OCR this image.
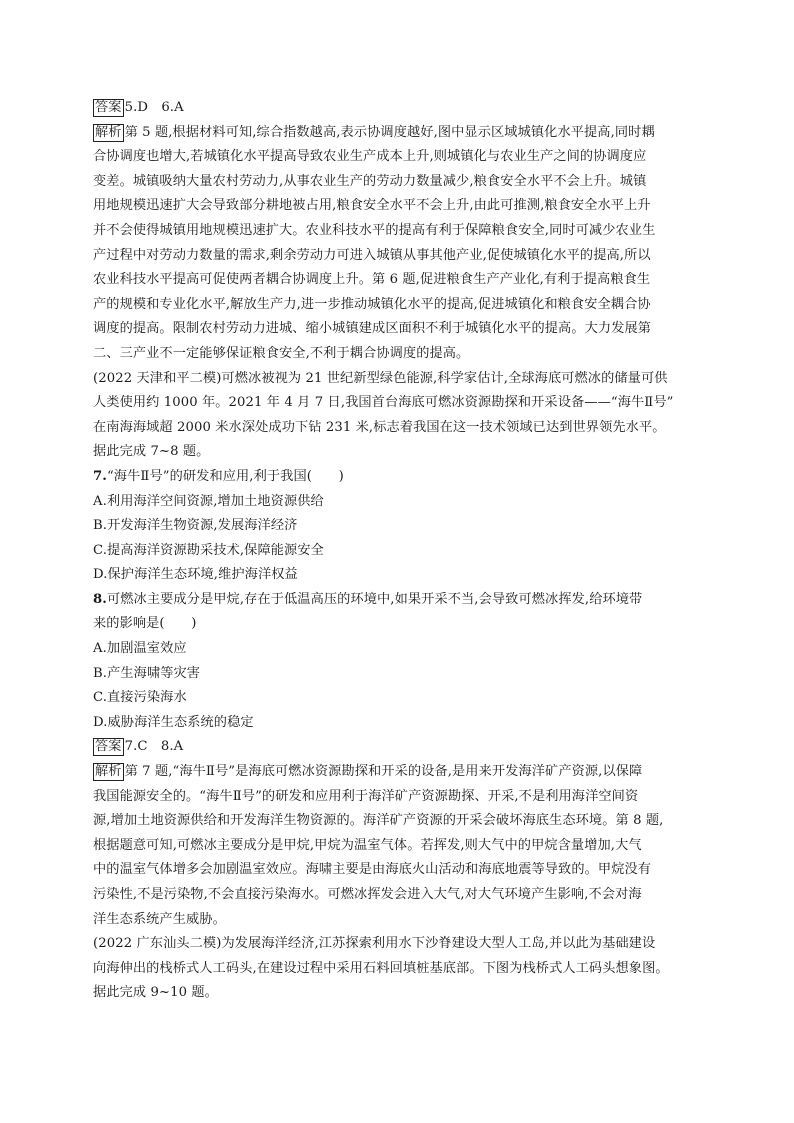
答案 5.D　6.A
解析 第 5 题,根据材料可知,综合指数越高,表示协调度越好,图中显示区域城镇化水平提高,同时耦
合协调度也增大,若城镇化水平提高导致农业生产成本上升,则城镇化与农业生产之间的协调度应
变差。城镇吸纳大量农村劳动力,从事农业生产的劳动力数量减少,粮食安全水平不会上升。城镇
用地规模迅速扩大会导致部分耕地被占用,粮食安全水平不会上升,由此可推测,粮食安全水平上升
并不会使得城镇用地规模迅速扩大。农业科技水平的提高有利于保障粮食安全,同时可减少农业生
产过程中对劳动力数量的需求,剩余劳动力可进入城镇从事其他产业,促使城镇化水平的提高,所以
农业科技水平提高可促使两者耦合协调度上升。第 6 题,促进粮食生产产业化,有利于提高粮食生
产的规模和专业化水平,解放生产力,进一步推动城镇化水平的提高,促进城镇化和粮食安全耦合协
调度的提高。限制农村劳动力进城、缩小城镇建成区面积不利于城镇化水平的提高。大力发展第
二、三产业不一定能够保证粮食安全,不利于耦合协调度的提高。
(2022 天津和平二模)可燃冰被视为 21 世纪新型绿色能源,科学家估计,全球海底可燃冰的储量可供
人类使用约 1000 年。2021 年 4 月 7 日,我国首台海底可燃冰资源勘探和开采设备——“海牛Ⅱ号”
在南海海域超 2000 米水深处成功下钻 231 米,标志着我国在这一技术领域已达到世界领先水平。
据此完成 7~8 题。
7.“海牛Ⅱ号”的研发和应用,利于我国(　　)
A.利用海洋空间资源,增加土地资源供给
B.开发海洋生物资源,发展海洋经济
C.提高海洋资源勘采技术,保障能源安全
D.保护海洋生态环境,维护海洋权益
8.可燃冰主要成分是甲烷,存在于低温高压的环境中,如果开采不当,会导致可燃冰挥发,给环境带
来的影响是(　　)
A.加剧温室效应
B.产生海啸等灾害
C.直接污染海水
D.威胁海洋生态系统的稳定
答案 7.C　8.A
解析 第 7 题,“海牛Ⅱ号”是海底可燃冰资源勘探和开采的设备,是用来开发海洋矿产资源,以保障
我国能源安全的。“海牛Ⅱ号”的研发和应用利于海洋矿产资源勘探、开采,不是利用海洋空间资
源,增加土地资源供给和开发海洋生物资源的。海洋矿产资源的开采会破坏海底生态环境。第 8 题,
根据题意可知,可燃冰主要成分是甲烷,甲烷为温室气体。若挥发,则大气中的甲烷含量增加,大气
中的温室气体增多会加剧温室效应。海啸主要是由海底火山活动和海底地震等导致的。甲烷没有
污染性,不是污染物,不会直接污染海水。可燃冰挥发会进入大气,对大气环境产生影响,不会对海
洋生态系统产生威胁。
(2022 广东汕头二模)为发展海洋经济,江苏探索利用水下沙脊建设大型人工岛,并以此为基础建设
向海伸出的栈桥式人工码头,在建设过程中采用石料回填桩基底部。下图为栈桥式人工码头想象图。
据此完成 9~10 题。
